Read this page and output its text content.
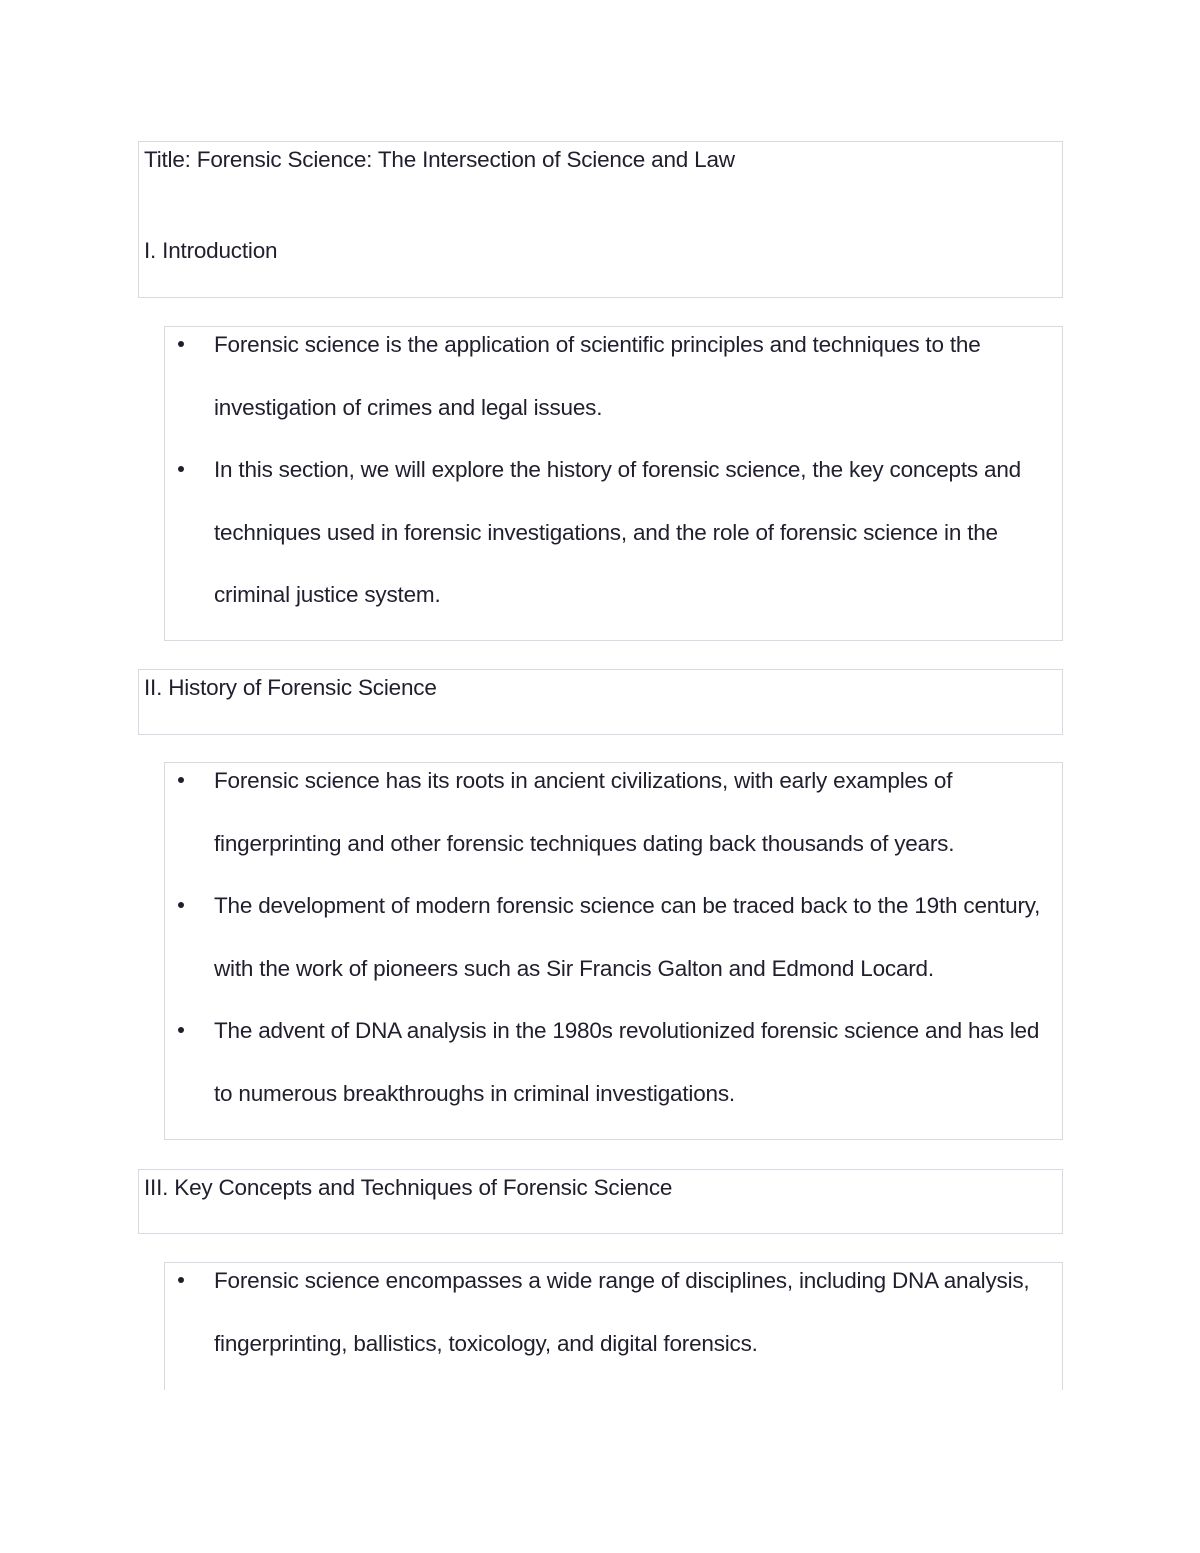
Title: Forensic Science: The Intersection of Science and Law
I. Introduction
Forensic science is the application of scientific principles and techniques to the investigation of crimes and legal issues.
In this section, we will explore the history of forensic science, the key concepts and techniques used in forensic investigations, and the role of forensic science in the criminal justice system.
II. History of Forensic Science
Forensic science has its roots in ancient civilizations, with early examples of fingerprinting and other forensic techniques dating back thousands of years.
The development of modern forensic science can be traced back to the 19th century, with the work of pioneers such as Sir Francis Galton and Edmond Locard.
The advent of DNA analysis in the 1980s revolutionized forensic science and has led to numerous breakthroughs in criminal investigations.
III. Key Concepts and Techniques of Forensic Science
Forensic science encompasses a wide range of disciplines, including DNA analysis, fingerprinting, ballistics, toxicology, and digital forensics.
